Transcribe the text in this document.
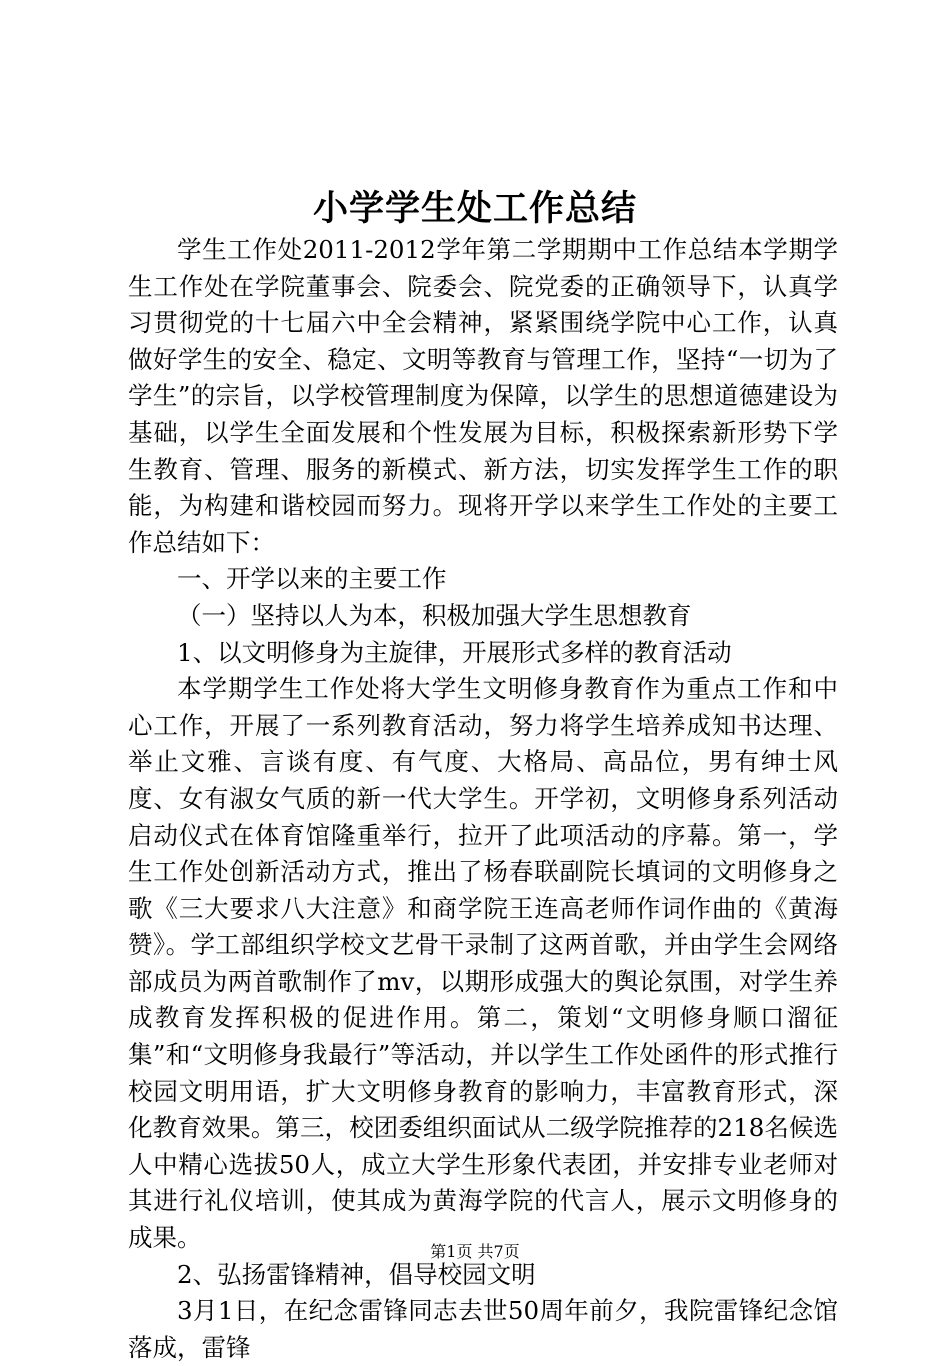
小学学生处工作总结

学生工作处2011-2012学年第二学期期中工作总结本学期学生工作处在学院董事会、院委会、院党委的正确领导下，认真学习贯彻党的十七届六中全会精神，紧紧围绕学院中心工作，认真做好学生的安全、稳定、文明等教育与管理工作，坚持“一切为了学生”的宗旨，以学校管理制度为保障，以学生的思想道德建设为基础，以学生全面发展和个性发展为目标，积极探索新形势下学生教育、管理、服务的新模式、新方法，切实发挥学生工作的职能，为构建和谐校园而努力。现将开学以来学生工作处的主要工作总结如下：

一、开学以来的主要工作

（一）坚持以人为本，积极加强大学生思想教育

1、以文明修身为主旋律，开展形式多样的教育活动

本学期学生工作处将大学生文明修身教育作为重点工作和中心工作，开展了一系列教育活动，努力将学生培养成知书达理、举止文雅、言谈有度、有气度、大格局、高品位，男有绅士风度、女有淑女气质的新一代大学生。开学初，文明修身系列活动启动仪式在体育馆隆重举行，拉开了此项活动的序幕。第一，学生工作处创新活动方式，推出了杨春联副院长填词的文明修身之歌《三大要求八大注意》和商学院王连高老师作词作曲的《黄海赞》。学工部组织学校文艺骨干录制了这两首歌，并由学生会网络部成员为两首歌制作了mv，以期形成强大的舆论氛围，对学生养成教育发挥积极的促进作用。第二，策划“文明修身顺口溜征集”和“文明修身我最行”等活动，并以学生工作处函件的形式推行校园文明用语，扩大文明修身教育的影响力，丰富教育形式，深化教育效果。第三，校团委组织面试从二级学院推荐的218名候选人中精心选拔50人，成立大学生形象代表团，并安排专业老师对其进行礼仪培训，使其成为黄海学院的代言人，展示文明修身的成果。

2、弘扬雷锋精神，倡导校园文明

3月1日，在纪念雷锋同志去世50周年前夕，我院雷锋纪念馆落成，雷锋

第1页 共7页
